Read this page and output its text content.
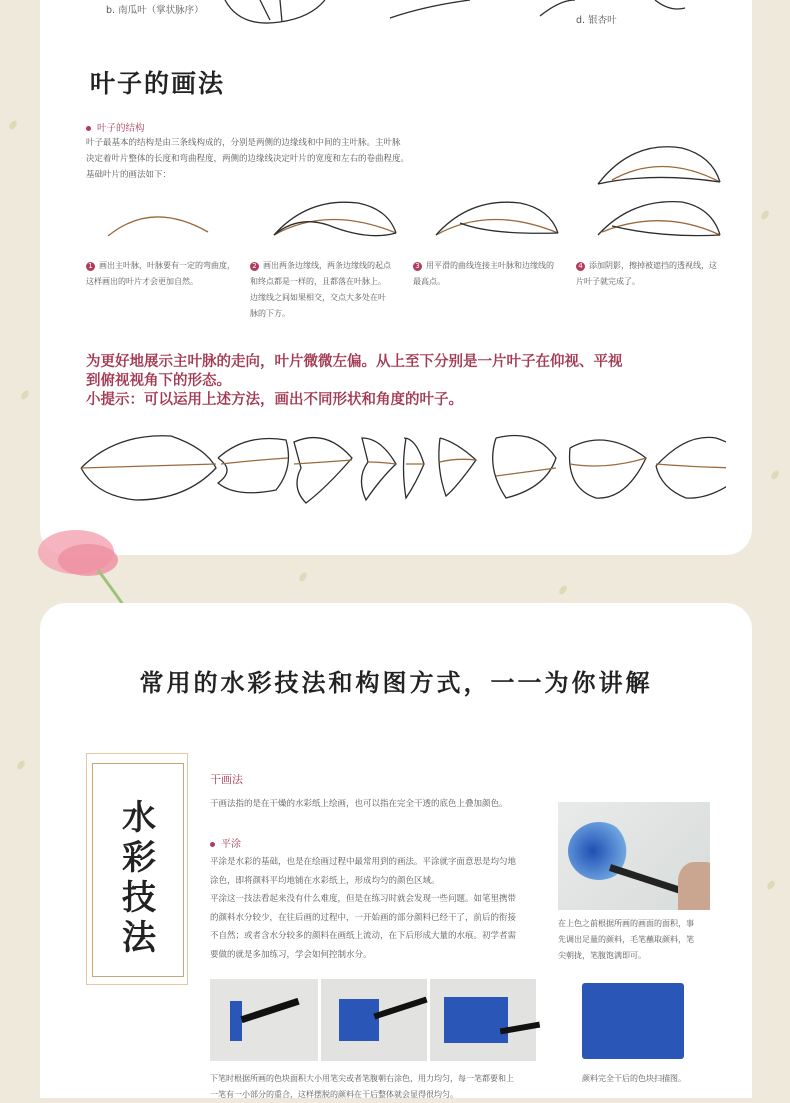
b. 南瓜叶（掌状脉序）
d. 银杏叶
叶子的画法
叶子的结构
叶子最基本的结构是由三条线构成的，分别是两侧的边缘线和中间的主叶脉。主叶脉
决定着叶片整体的长度和弯曲程度，两侧的边缘线决定叶片的宽度和左右的卷曲程度。
基础叶片的画法如下：
1 画出主叶脉，叶脉要有一定的弯曲度，
这样画出的叶片才会更加自然。
2 画出两条边缘线，两条边缘线的起点
和终点都是一样的，且都落在叶脉上。
边缘线之间如果相交，交点大多处在叶
脉的下方。
3 用平滑的曲线连接主叶脉和边缘线的
最高点。
4 添加阴影，擦掉被遮挡的透视线，这
片叶子就完成了。
为更好地展示主叶脉的走向，叶片微微左偏。从上至下分别是一片叶子在仰视、平视
到俯视视角下的形态。
小提示：可以运用上述方法，画出不同形状和角度的叶子。
常用的水彩技法和构图方式，一一为你讲解
水
彩
技
法
干画法
干画法指的是在干燥的水彩纸上绘画，也可以指在完全干透的底色上叠加颜色。
平涂
平涂是水彩的基础，也是在绘画过程中最常用到的画法。平涂就字面意思是均匀地
涂色，即将颜料平均地铺在水彩纸上，形成均匀的颜色区域。
平涂这一技法看起来没有什么难度，但是在练习时就会发现一些问题。如笔里携带
的颜料水分较少，在往后画的过程中，一开始画的部分颜料已经干了，前后的衔接
不自然；或者含水分较多的颜料在画纸上流动，在下后形成大量的水痕。初学者需
要做的就是多加练习，学会如何控制水分。
在上色之前根据所画的画面的面积，事
先调出足量的颜料，毛笔蘸取颜料，笔
尖朝拢，笔腹饱满即可。
下笔时根据所画的色块面积大小用笔尖或者笔腹朝右涂色，用力均匀，每一笔都要和上
一笔有一小部分的重合，这样摆脱的颜料在干后整体就会显得很均匀。
颜料完全干后的色块扫描图。
